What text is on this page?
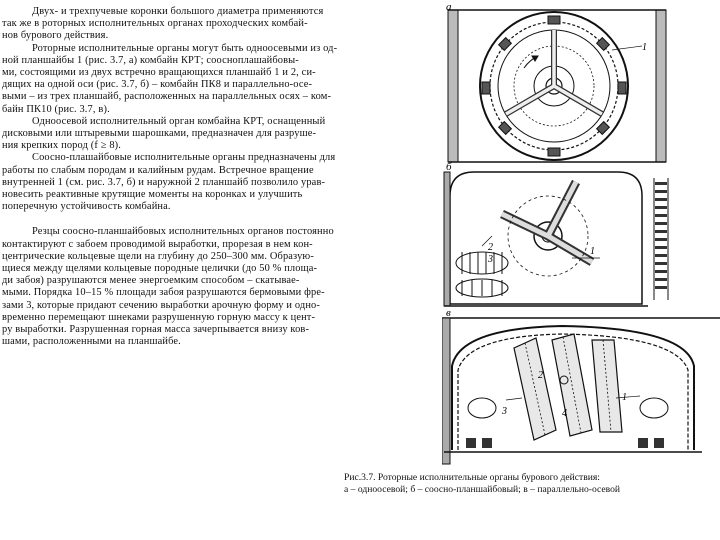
Двух- и трехпучевые коронки большого диаметра применяются
так же в роторных исполнительных органах проходческих комбай-
нов бурового действия.

Роторные исполнительные органы могут быть одноосевыми из од-
ной планшайбы 1 (рис. 3.7, а) комбайн КРТ; соосноплашайбовы-
ми, состоящими из двух встречно вращающихся планшайб 1 и 2, си-
дящих на одной оси (рис. 3.7, б) – комбайн ПК8 и параллельно-осе-
выми – из трех планшайб, расположенных на параллельных осях – ком-
байн ПК10 (рис. 3.7, в).

Одноосевой исполнительный орган комбайна КРТ, оснащенный
дисковыми или штыревыми шарошками, предназначен для разруше-
ния крепких пород (f ≥ 8).

Соосно-плашайбовые исполнительные органы предназначены для
работы по слабым породам и калийным рудам. Встречное вращение
внутренней 1 (см. рис. 3.7, б) и наружной 2 планшайб позволило урав-
новесить реактивные крутящие моменты на коронках и улучшить
поперечную устойчивость комбайна.

Резцы соосно-планшайбовых исполнительных органов постоянно
контактируют с забоем проводимой выработки, прорезая в нем кон-
центрические кольцевые щели на глубину до 250–300 мм. Образую-
щиеся между щелями кольцевые породные целички (до 50 % площа-
ди забоя) разрушаются менее энергоемким способом – скатывае-
мыми. Порядка 10–15 % площади забоя разрушаются бермовыми фре-
зами 3, которые придают сечению выработки арочную форму и одно-
временно перемещают шнеками разрушенную горную массу к цент-
ру выработки. Разрушенная горная масса зачерпывается внизу ков-
шами, расположенными на планшайбе.

а
1
б
1
2
3
в
2
1
3	4
Рис.3.7. Роторные исполнительные органы бурового действия:
а – одноосевой; б – соосно-планшайбовый; в – параллельно-осевой
